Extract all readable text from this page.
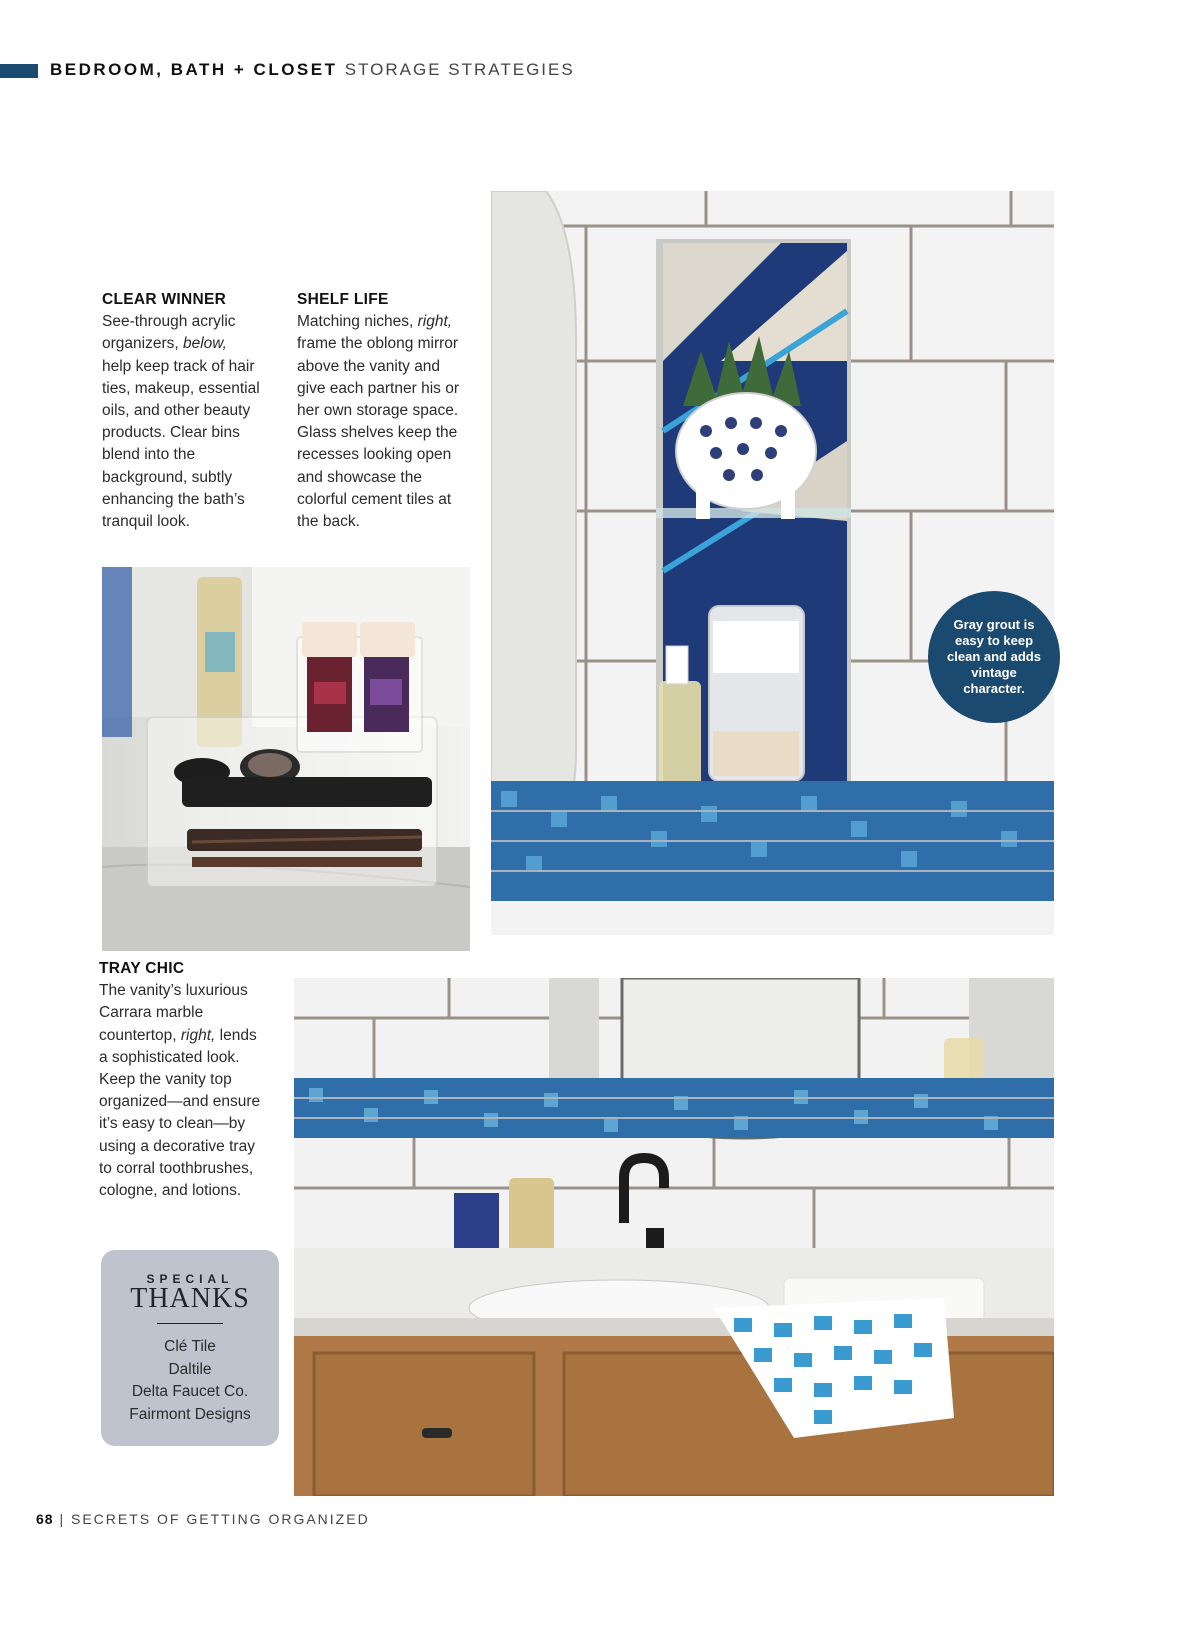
BEDROOM, BATH + CLOSET STORAGE STRATEGIES
CLEAR WINNER

See-through acrylic

organizers, below,

help keep track of hair

ties, makeup, essential

oils, and other beauty

products. Clear bins

blend into the

background, subtly

enhancing the bath’s

tranquil look.

SHELF LIFE

Matching niches, right,

frame the oblong mirror

above the vanity and

give each partner his or

her own storage space.

Glass shelves keep the

recesses looking open

and showcase the

colorful cement tiles at

the back.

Gray grout is easy to keep clean and adds vintage character.
TRAY CHIC

The vanity’s luxurious

Carrara marble

countertop, right, lends

a sophisticated look.

Keep the vanity top

organized—and ensure

it’s easy to clean—by

using a decorative tray

to corral toothbrushes,

cologne, and lotions.

SPECIAL
THANKS
Clé Tile
Daltile
Delta Faucet Co.
Fairmont Designs
68 | SECRETS OF GETTING ORGANIZED
